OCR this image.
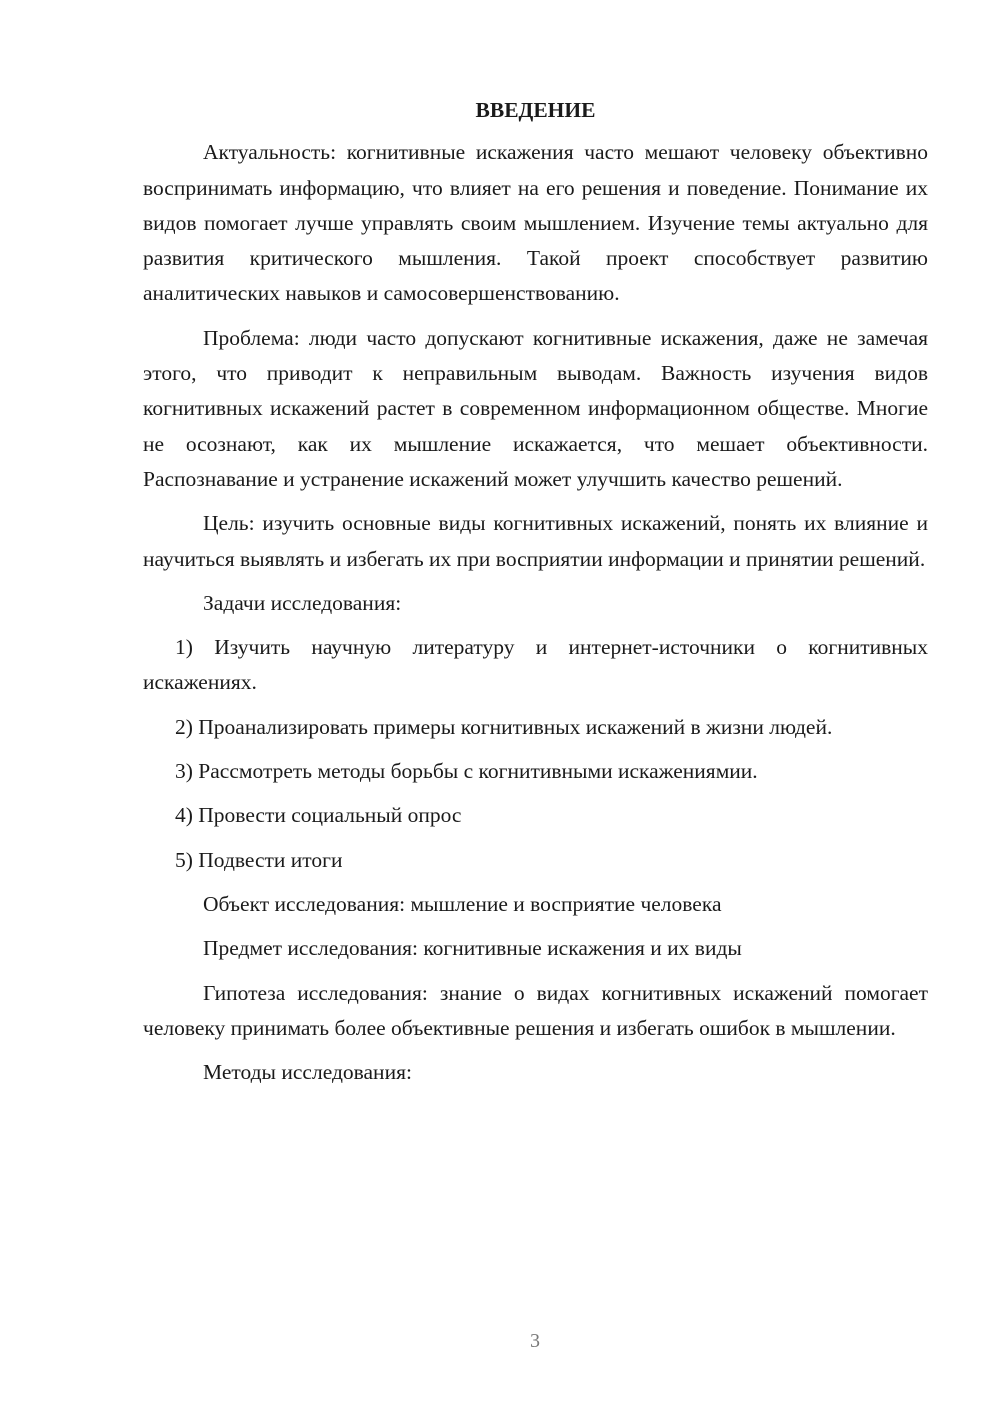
ВВЕДЕНИЕ

Актуальность: когнитивные искажения часто мешают человеку объективно воспринимать информацию, что влияет на его решения и поведение. Понимание их видов помогает лучше управлять своим мышлением. Изучение темы актуально для развития критического мышления. Такой проект способствует развитию аналитических навыков и самосовершенствованию.

Проблема: люди часто допускают когнитивные искажения, даже не замечая этого, что приводит к неправильным выводам. Важность изучения видов когнитивных искажений растет в современном информационном обществе. Многие не осознают, как их мышление искажается, что мешает объективности. Распознавание и устранение искажений может улучшить качество решений.

Цель: изучить основные виды когнитивных искажений, понять их влияние и научиться выявлять и избегать их при восприятии информации и принятии решений.

Задачи исследования:

1) Изучить научную литературу и интернет-источники о когнитивных искажениях.

2) Проанализировать примеры когнитивных искажений в жизни людей.

3) Рассмотреть методы борьбы с когнитивными искажениямии.

4) Провести социальный опрос

5) Подвести итоги

Объект исследования: мышление и восприятие человека

Предмет исследования: когнитивные искажения и их виды

Гипотеза исследования: знание о видах когнитивных искажений помогает человеку принимать более объективные решения и избегать ошибок в мышлении.

Методы исследования:

3
